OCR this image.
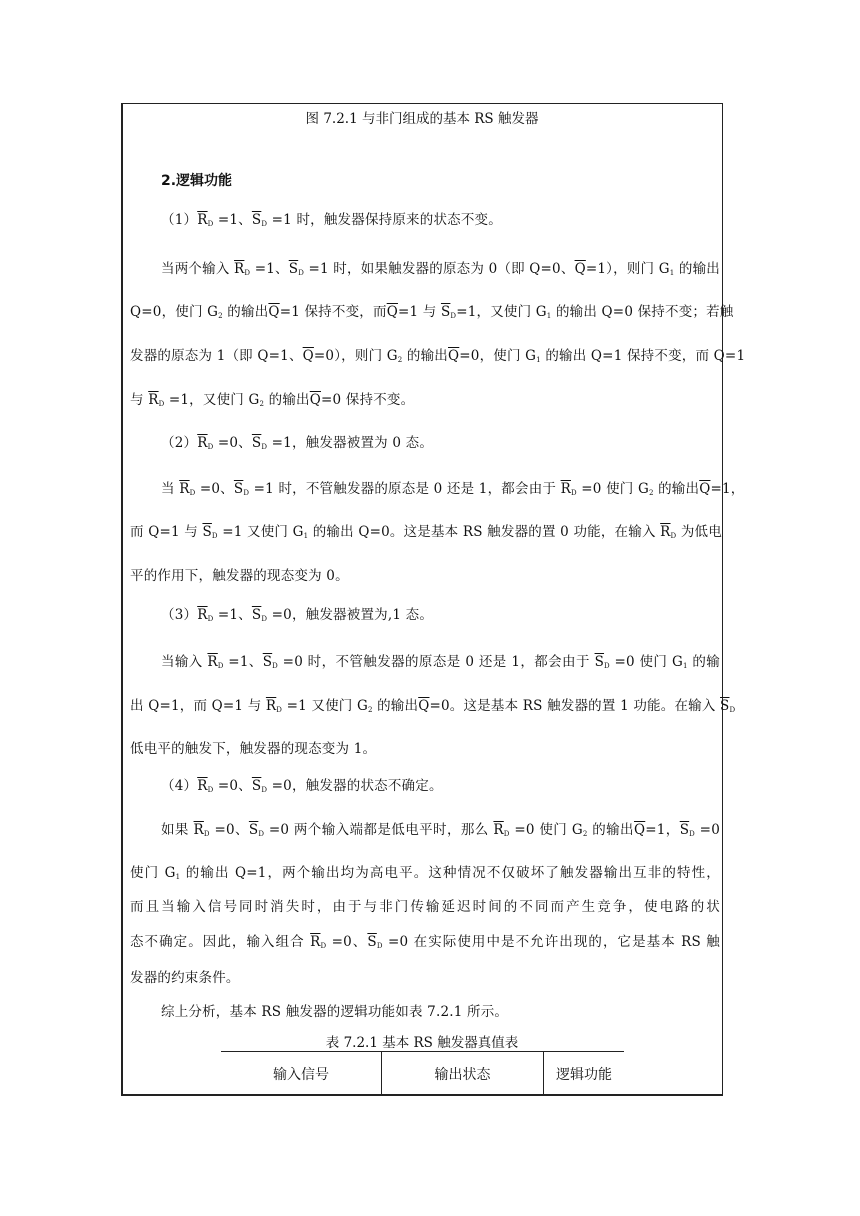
图 7.2.1 与非门组成的基本 RS 触发器
2.逻辑功能
$(1)\overline{R}_D =1$、$\overline{S}_D =1$ 时，触发器保持原来的状态不变。
当两个输入 $\overline{R}_D =1$、$\overline{S}_D =1$ 时，如果触发器的原态为 0（即 Q=0、$\overline{Q}=1$），则门 $G_1$ 的输出
Q=0，使门 $G_2$ 的输出$\overline{Q}=1$ 保持不变，而$\overline{Q}=1$ 与 $\overline{S}_D=1$，又使门 $G_1$ 的输出 Q=0 保持不变；若触
发器的原态为 1（即 Q=1、$\overline{Q}=0$），则门 $G_2$ 的输出$\overline{Q}=0$，使门 $G_1$ 的输出 Q=1 保持不变，而 Q=1
与 $\overline{R}_D =1$，又使门 $G_2$ 的输出$\overline{Q}=0$ 保持不变。
$(2)\overline{R}_D =0$、$\overline{S}_D =1$，触发器被置为 0 态。
当 $\overline{R}_D =0$、$\overline{S}_D =1$ 时，不管触发器的原态是 0 还是 1，都会由于 $\overline{R}_D =0$ 使门 $G_2$ 的输出$\overline{Q}=1$，
而 Q=1 与 $\overline{S}_D =1$ 又使门 $G_1$ 的输出 Q=0。这是基本 RS 触发器的置 0 功能，在输入 $\overline{R}_D$ 为低电
平的作用下，触发器的现态变为 0。
$(3)\overline{R}_D =1$、$\overline{S}_D =0$，触发器被置为,1 态。
当输入 $\overline{R}_D =1$、$\overline{S}_D =0$ 时，不管触发器的原态是 0 还是 1，都会由于 $\overline{S}_D =0$ 使门 $G_1$ 的输
出 Q=1，而 Q=1 与 $\overline{R}_D =1$ 又使门 $G_2$ 的输出$\overline{Q}=0$。这是基本 RS 触发器的置 1 功能。在输入 $\overline{S}_D$
低电平的触发下，触发器的现态变为 1。
$(4)\overline{R}_D =0$、$\overline{S}_D =0$，触发器的状态不确定。
如果 $\overline{R}_D =0$、$\overline{S}_D =0$ 两个输入端都是低电平时，那么 $\overline{R}_D =0$ 使门 $G_2$ 的输出$\overline{Q}=1$，$\overline{S}_D =0$
使门 $G_1$ 的输出 Q=1，两个输出均为高电平。这种情况不仅破坏了触发器输出互非的特性，
而且当输入信号同时消失时，由于与非门传输延迟时间的不同而产生竞争，使电路的状
态不确定。因此，输入组合 $\overline{R}_D =0$、$\overline{S}_D =0$ 在实际使用中是不允许出现的，它是基本 RS 触
发器的约束条件。
综上分析，基本 RS 触发器的逻辑功能如表 7.2.1 所示。
表 7.2.1 基本 RS 触发器真值表
输入信号	输出状态	逻辑功能
